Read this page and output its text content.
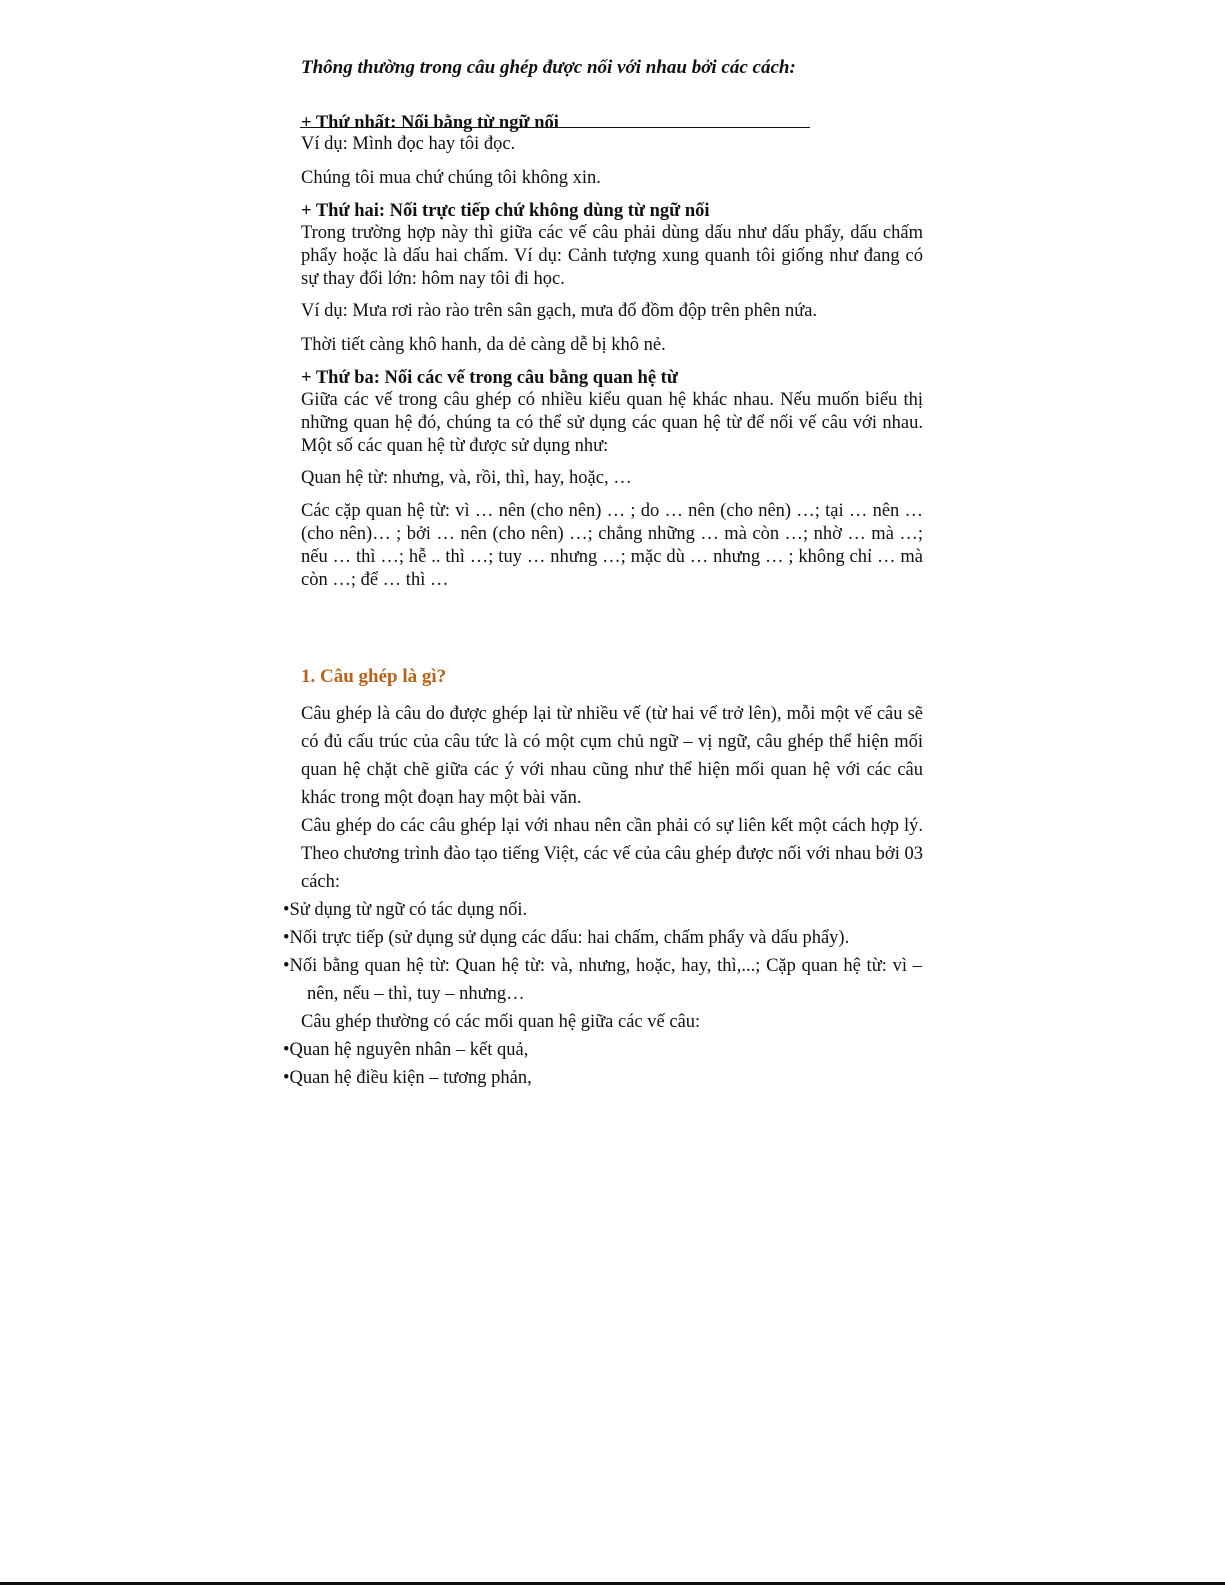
Thông thường trong câu ghép được nối với nhau bởi các cách:

+ Thứ nhất: Nối bằng từ ngữ nối

Ví dụ: Mình đọc hay tôi đọc.

Chúng tôi mua chứ chúng tôi không xin.

+ Thứ hai: Nối trực tiếp chứ không dùng từ ngữ nối

Trong trường hợp này thì giữa các vế câu phải dùng dấu như dấu phẩy, dấu chấm phẩy hoặc là dấu hai chấm. Ví dụ: Cảnh tượng xung quanh tôi giống như đang có sự thay đổi lớn: hôm nay tôi đi học.

Ví dụ: Mưa rơi rào rào trên sân gạch, mưa đổ đồm độp trên phên nứa.

Thời tiết càng khô hanh, da dẻ càng dễ bị khô nẻ.

+ Thứ ba: Nối các vế trong câu bằng quan hệ từ

Giữa các vế trong câu ghép có nhiều kiểu quan hệ khác nhau. Nếu muốn biểu thị những quan hệ đó, chúng ta có thể sử dụng các quan hệ từ để nối vế câu với nhau. Một số các quan hệ từ được sử dụng như:

Quan hệ từ: nhưng, và, rồi, thì, hay, hoặc, …

Các cặp quan hệ từ: vì … nên (cho nên) … ; do … nên (cho nên) …; tại … nên … (cho nên)… ; bởi … nên (cho nên) …; chẳng những … mà còn …; nhờ … mà …; nếu … thì …; hễ .. thì …; tuy … nhưng …; mặc dù … nhưng … ; không chỉ … mà còn …; để … thì …

1. Câu ghép là gì?

Câu ghép là câu do được ghép lại từ nhiều vế (từ hai vế trở lên), mỗi một vế câu sẽ có đủ cấu trúc của câu tức là có một cụm chủ ngữ – vị ngữ, câu ghép thể hiện mối quan hệ chặt chẽ giữa các ý với nhau cũng như thể hiện mối quan hệ với các câu khác trong một đoạn hay một bài văn.

Câu ghép do các câu ghép lại với nhau nên cần phải có sự liên kết một cách hợp lý. Theo chương trình đào tạo tiếng Việt, các vế của câu ghép được nối với nhau bởi 03 cách:

•Sử dụng từ ngữ có tác dụng nối.

•Nối trực tiếp (sử dụng sử dụng các dấu: hai chấm, chấm phẩy và dấu phẩy).

•Nối bằng quan hệ từ: Quan hệ từ: và, nhưng, hoặc, hay, thì,...; Cặp quan hệ từ: vì – nên, nếu – thì, tuy – nhưng…

Câu ghép thường có các mối quan hệ giữa các vế câu:

•Quan hệ nguyên nhân – kết quả,

•Quan hệ điều kiện – tương phản,
